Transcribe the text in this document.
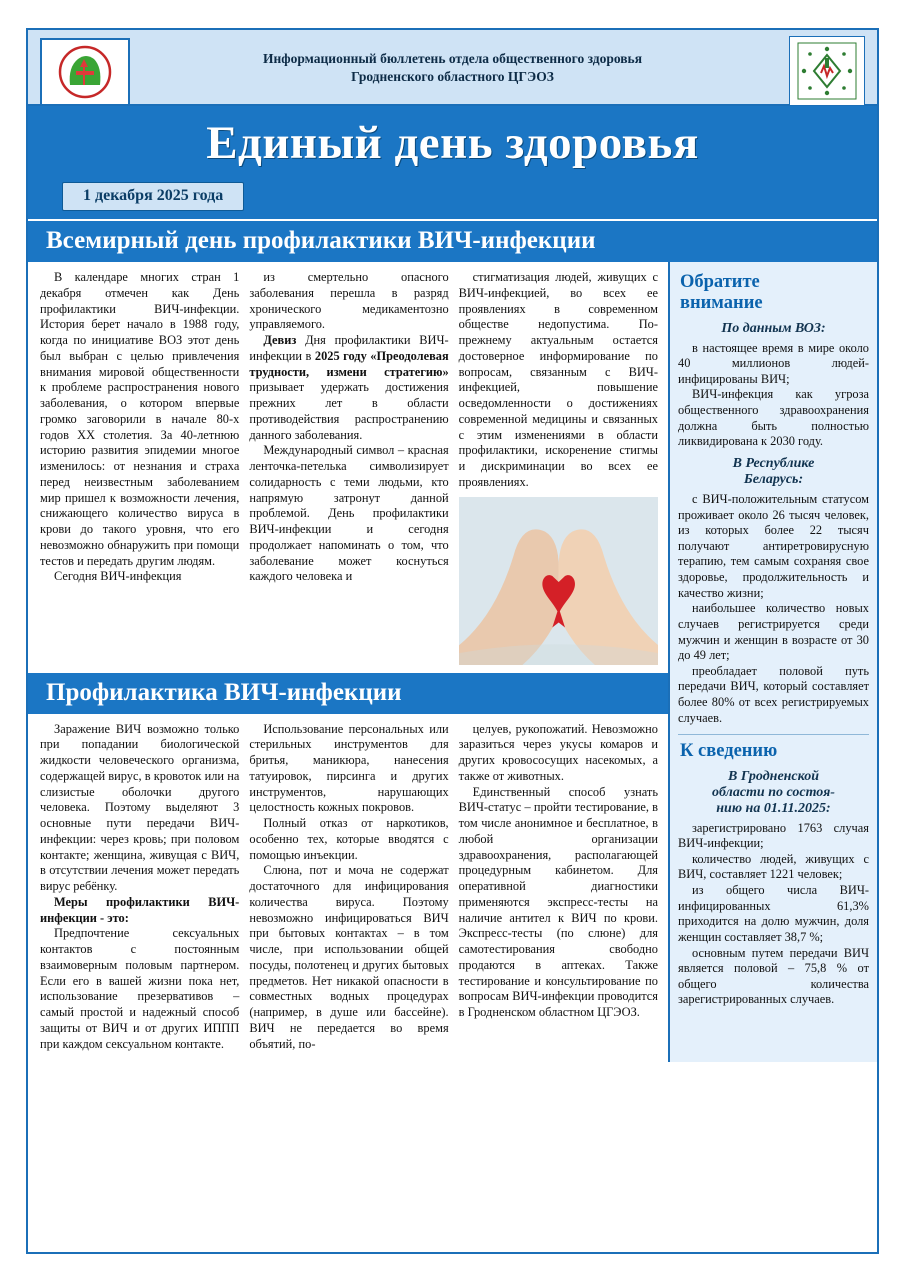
Информационный бюллетень отдела общественного здоровья
Гродненского областного ЦГЭОЗ
Единый день здоровья
1 декабря 2025 года
Всемирный день профилактики ВИЧ-инфекции

В календаре многих стран 1 декабря отмечен как День профилактики ВИЧ-инфекции. История берет начало в 1988 году, когда по инициативе ВОЗ этот день был выбран с целью привлечения внимания мировой общественности к проблеме распространения нового заболевания, о котором впервые громко заговорили в начале 80-х годов ХХ столетия. За 40-летнюю историю развития эпидемии многое изменилось: от незнания и страха перед неизвестным заболеванием мир пришел к возможности лечения, снижающего количество вируса в крови до такого уровня, что его невозможно обнаружить при помощи тестов и передать другим людям.

Сегодня ВИЧ-инфекция

из смертельно опасного заболевания перешла в разряд хронического медикаментозно управляемого.

Девиз Дня профилактики ВИЧ-инфекции в 2025 году «Преодолевая трудности, измени стратегию» призывает удержать достижения прежних лет в области противодействия распространению данного заболевания.

Международный символ – красная ленточка-петелька символизирует солидарность с теми людьми, кто напрямую затронут данной проблемой. День профилактики ВИЧ-инфекции и сегодня продолжает напоминать о том, что заболевание может коснуться каждого человека и

стигматизация людей, живущих с ВИЧ-инфекцией, во всех ее проявлениях в современном обществе недопустима. По-прежнему актуальным остается достоверное информирование по вопросам, связанным с ВИЧ-инфекцией, повышение осведомленности о достижениях современной медицины и связанных с этим изменениями в области профилактики, искоренение стигмы и дискриминации во всех ее проявлениях.

Профилактика ВИЧ-инфекции

Заражение ВИЧ возможно только при попадании биологической жидкости человеческого организма, содержащей вирус, в кровоток или на слизистые оболочки другого человека. Поэтому выделяют 3 основные пути передачи ВИЧ-инфекции: через кровь; при половом контакте; женщина, живущая с ВИЧ, в отсутствии лечения может передать вирус ребёнку.

Меры профилактики ВИЧ-инфекции - это:

Предпочтение сексуальных контактов с постоянным взаимоверным половым партнером. Если его в вашей жизни пока нет, использование презервативов – самый простой и надежный способ защиты от ВИЧ и от других ИППП при каждом сексуальном контакте.

Использование персональных или стерильных инструментов для бритья, маникюра, нанесения татуировок, пирсинга и других инструментов, нарушающих целостность кожных покровов.

Полный отказ от наркотиков, особенно тех, которые вводятся с помощью инъекции.

Слюна, пот и моча не содержат достаточного для инфицирования количества вируса. Поэтому невозможно инфицироваться ВИЧ при бытовых контактах – в том числе, при использовании общей посуды, полотенец и других бытовых предметов. Нет никакой опасности в совместных водных процедурах (например, в душе или бассейне). ВИЧ не передается во время объятий, по-

целуев, рукопожатий. Невозможно заразиться через укусы комаров и других кровососущих насекомых, а также от животных.

Единственный способ узнать ВИЧ-статус – пройти тестирование, в том числе анонимное и бесплатное, в любой организации здравоохранения, располагающей процедурным кабинетом. Для оперативной диагностики применяются экспресс-тесты на наличие антител к ВИЧ по крови. Экспресс-тесты (по слюне) для самотестирования свободно продаются в аптеках. Также тестирование и консультирование по вопросам ВИЧ-инфекции проводится в Гродненском областном ЦГЭОЗ.

Обратите
внимание
По данным ВОЗ:

в настоящее время в мире около 40 миллионов людей-инфицированы ВИЧ;

ВИЧ-инфекция как угроза общественного здравоохранения должна быть полностью ликвидирована к 2030 году.

В Республике
Беларусь:

с ВИЧ-положительным статусом проживает около 26 тысяч человек, из которых более 22 тысяч получают антиретровирусную терапию, тем самым сохраняя свое здоровье, продолжительность и качество жизни;

наибольшее количество новых случаев регистрируется среди мужчин и женщин в возрасте от 30 до 49 лет;

преобладает половой путь передачи ВИЧ, который составляет более 80% от всех регистрируемых случаев.

К сведению
В Гродненской
области по состоя-
нию на 01.11.2025:

зарегистрировано 1763 случая ВИЧ-инфекции;

количество людей, живущих с ВИЧ, составляет 1221 человек;

из общего числа ВИЧ-инфицированных 61,3% приходится на долю мужчин, доля женщин составляет 38,7 %;

основным путем передачи ВИЧ является половой – 75,8 % от общего количества зарегистрированных случаев.
